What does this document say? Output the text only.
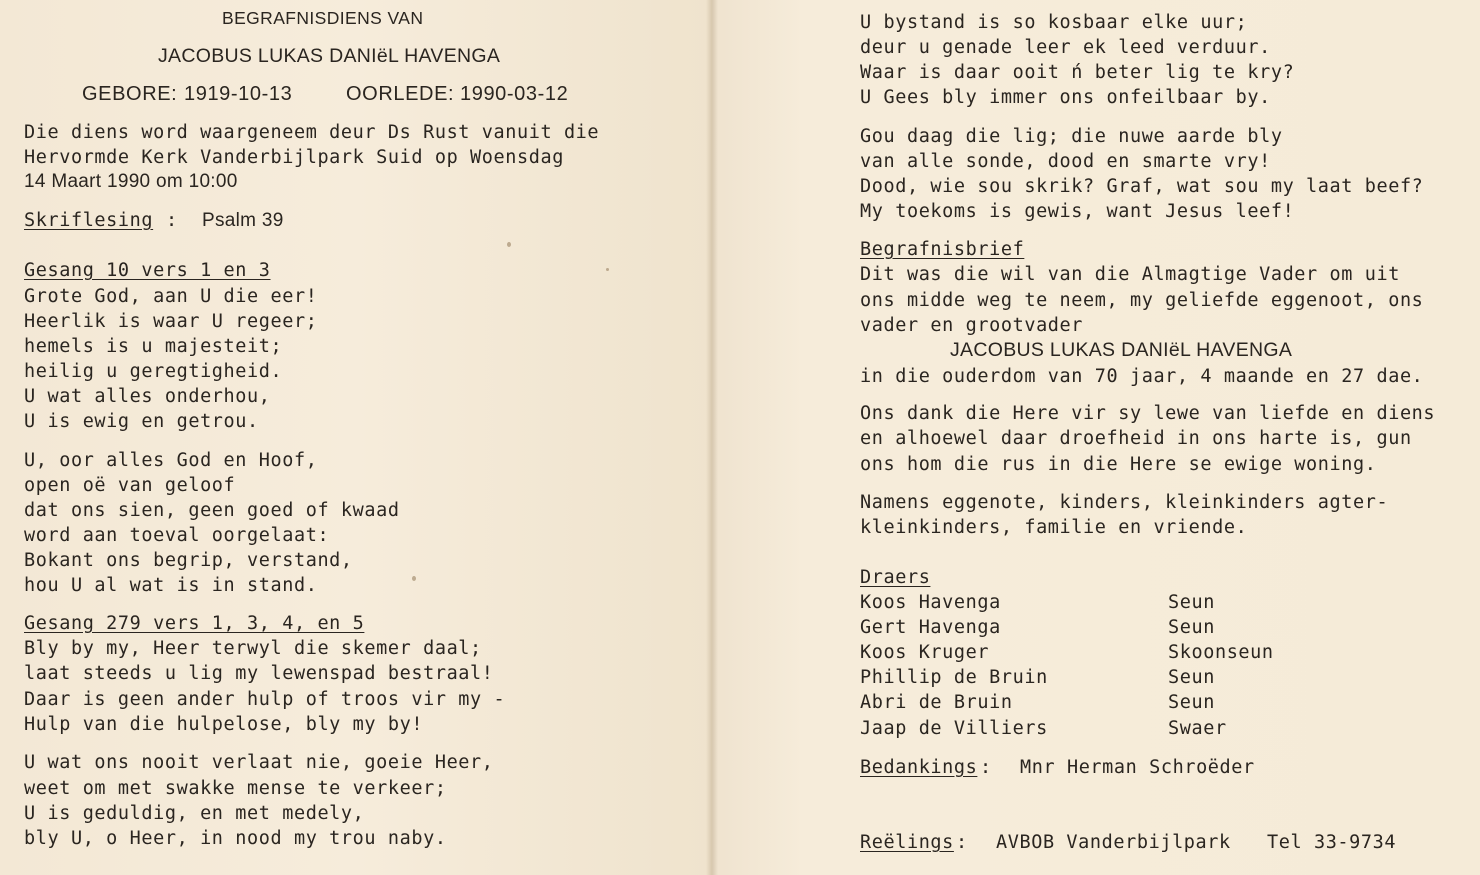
BEGRAFNISDIENS VAN
JACOBUS LUKAS DANIëL HAVENGA
GEBORE: 1919-10-13	OORLEDE: 1990-03-12
Die diens word waargeneem deur Ds Rust vanuit die
Hervormde Kerk Vanderbijlpark Suid op Woensdag
14 Maart 1990 om 10:00
Skriflesing : Psalm 39
Gesang 10 vers 1 en 3
Grote God, aan U die eer!
Heerlik is waar U regeer;
hemels is u majesteit;
heilig u geregtigheid.
U wat alles onderhou,
U is ewig en getrou.
U, oor alles God en Hoof,
open oë van geloof
dat ons sien, geen goed of kwaad
word aan toeval oorgelaat:
Bokant ons begrip, verstand,
hou U al wat is in stand.
Gesang 279 vers 1, 3, 4, en 5
Bly by my, Heer terwyl die skemer daal;
laat steeds u lig my lewenspad bestraal!
Daar is geen ander hulp of troos vir my -
Hulp van die hulpelose, bly my by!
U wat ons nooit verlaat nie, goeie Heer,
weet om met swakke mense te verkeer;
U is geduldig, en met medely,
bly U, o Heer, in nood my trou naby.
U bystand is so kosbaar elke uur;
deur u genade leer ek leed verduur.
Waar is daar ooit ń beter lig te kry?
U Gees bly immer ons onfeilbaar by.
Gou daag die lig; die nuwe aarde bly
van alle sonde, dood en smarte vry!
Dood, wie sou skrik? Graf, wat sou my laat beef?
My toekoms is gewis, want Jesus leef!
Begrafnisbrief
Dit was die wil van die Almagtige Vader om uit
ons midde weg te neem, my geliefde eggenoot, ons
vader en grootvader
JACOBUS LUKAS DANIëL HAVENGA
in die ouderdom van 70 jaar, 4 maande en 27 dae.
Ons dank die Here vir sy lewe van liefde en diens
en alhoewel daar droefheid in ons harte is, gun
ons hom die rus in die Here se ewige woning.
Namens eggenote, kinders, kleinkinders agter-
kleinkinders, familie en vriende.
Draers
Koos Havenga	Seun
Gert Havenga	Seun
Koos Kruger	Skoonseun
Phillip de Bruin	Seun
Abri de Bruin	Seun
Jaap de Villiers	Swaer
Bedankings : Mnr Herman Schroëder
Reëlings : AVBOB Vanderbijlpark Tel 33-9734
